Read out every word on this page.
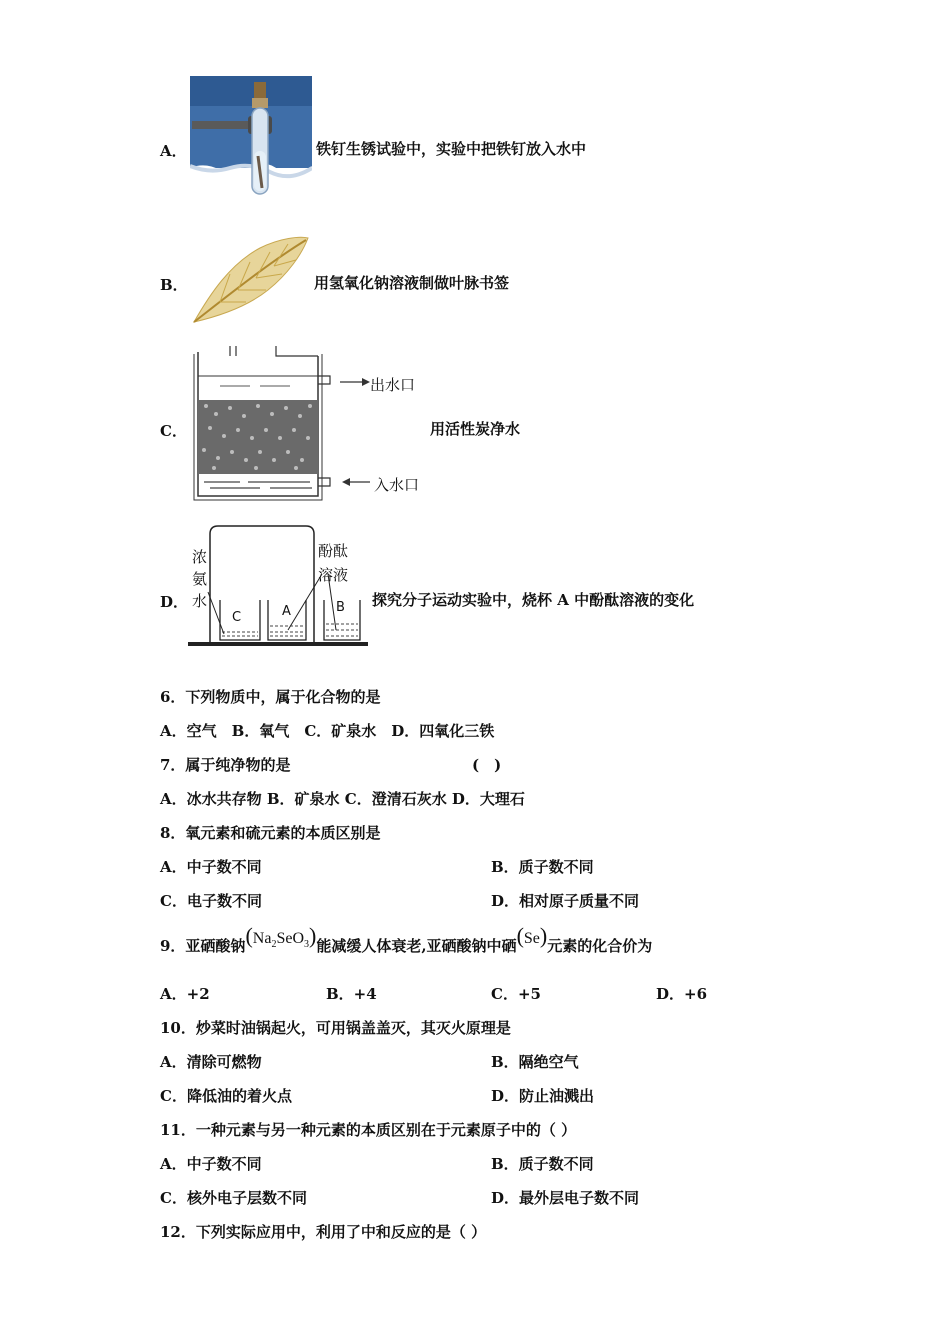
A．	铁钉生锈试验中，实验中把铁钉放入水中
B．	用氢氧化钠溶液制做叶脉书签
C．
出水口
入水口
用活性炭净水
D．
浓
氨
水
酚酞
溶液
C	A	B 探究分子运动实验中，烧杯 A 中酚酞溶液的变化
6．下列物质中，属于化合物的是
A．空气　B．氧气　C．矿泉水　D．四氧化三铁
7．属于纯净物的是	(　)
A．冰水共存物 B．矿泉水 C．澄清石灰水 D．大理石
8．氧元素和硫元素的本质区别是
A．中子数不同	B．质子数不同
C．电子数不同	D．相对原子质量不同
9．亚硒酸钠$(Na_2SeO_3)$能减缓人体衰老,亚硒酸钠中硒(Se)元素的化合价为
A．+2	B．+4	C．+5	D．+6
10．炒菜时油锅起火，可用锅盖盖灭，其灭火原理是
A．清除可燃物	B．隔绝空气
C．降低油的着火点	D．防止油溅出
11．一种元素与另一种元素的本质区别在于元素原子中的（ ）
A．中子数不同	B．质子数不同
C．核外电子层数不同	D．最外层电子数不同
12．下列实际应用中，利用了中和反应的是（ ）
